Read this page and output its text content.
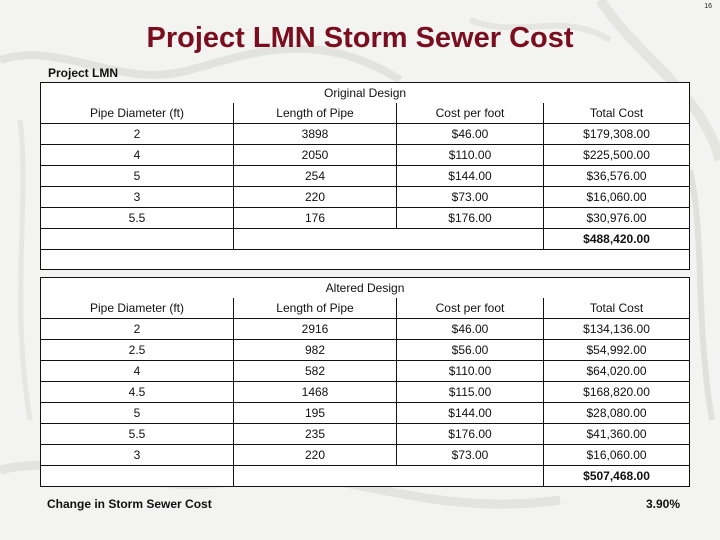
16
Project LMN Storm Sewer Cost
Project LMN
Original Design			
Pipe Diameter (ft)	Length of Pipe	Cost per foot	Total Cost
2	3898	$46.00	$179,308.00
4	2050	$110.00	$225,500.00
5	254	$144.00	$36,576.00
3	220	$73.00	$16,060.00
5.5	176	$176.00	$30,976.00
			$488,420.00

Altered Design			
Pipe Diameter (ft)	Length of Pipe	Cost per foot	Total Cost
2	2916	$46.00	$134,136.00
2.5	982	$56.00	$54,992.00
4	582	$110.00	$64,020.00
4.5	1468	$115.00	$168,820.00
5	195	$144.00	$28,080.00
5.5	235	$176.00	$41,360.00
3	220	$73.00	$16,060.00
			$507,468.00
Change in Storm Sewer Cost	3.90%
